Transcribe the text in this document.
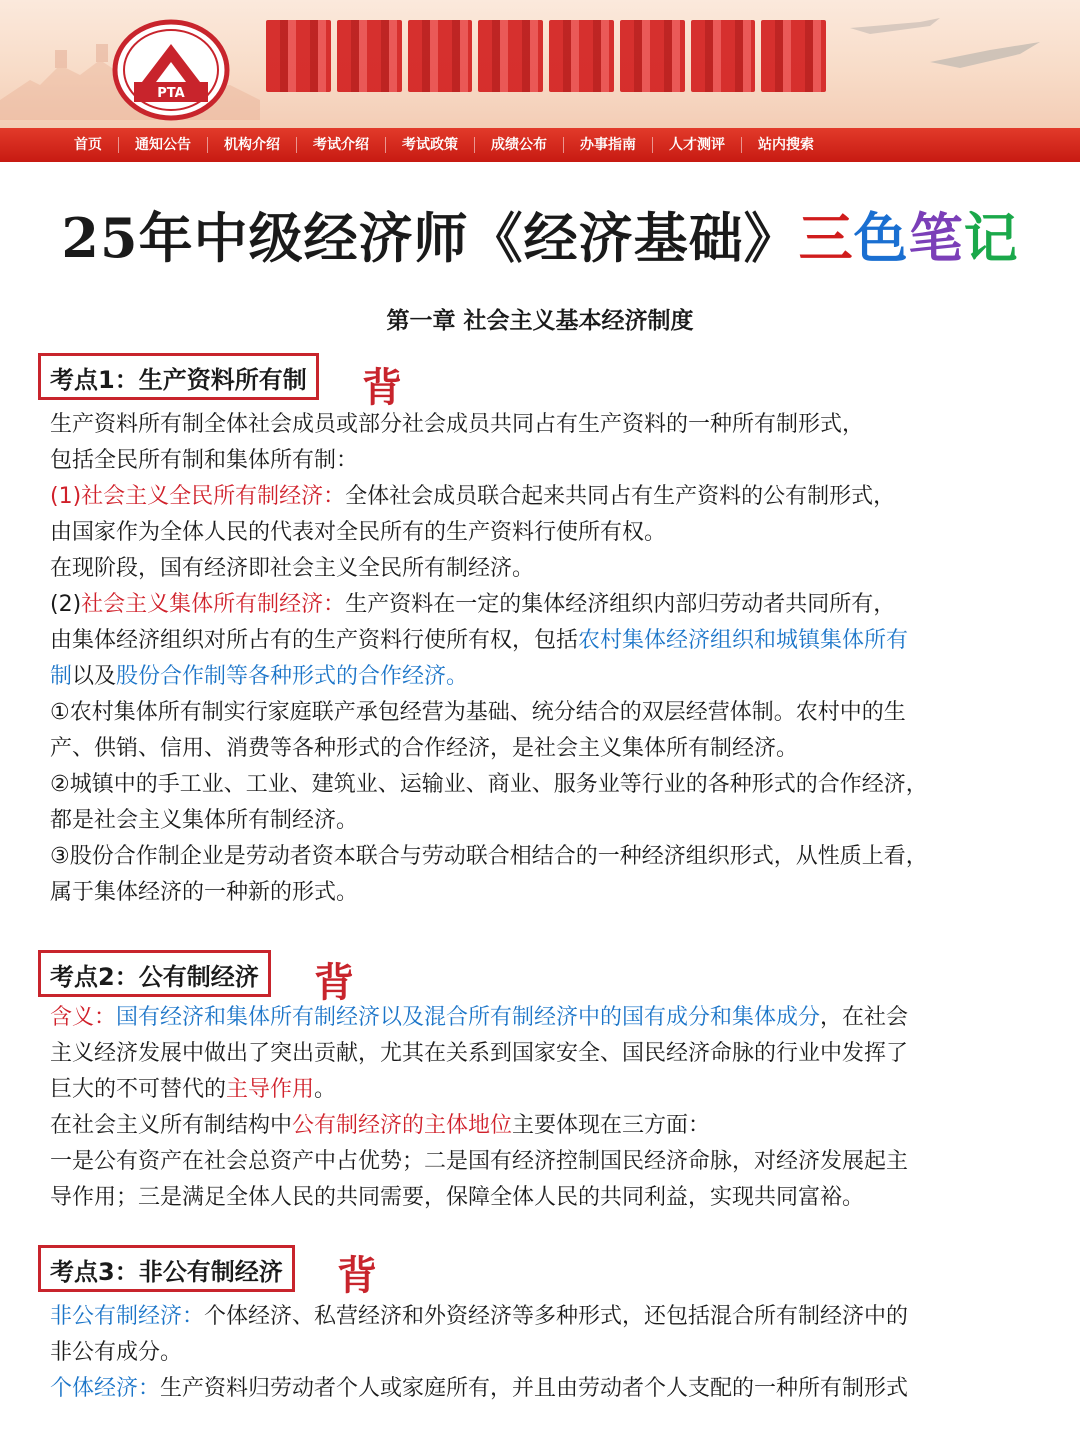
PTA
首页	通知公告	机构介绍	考试介绍	考试政策	成绩公布	办事指南	人才测评	站内搜索
25年中级经济师《经济基础》三色笔记
第一章 社会主义基本经济制度
考点1：生产资料所有制	背
生产资料所有制全体社会成员或部分社会成员共同占有生产资料的一种所有制形式，
包括全民所有制和集体所有制：
(1)社会主义全民所有制经济：全体社会成员联合起来共同占有生产资料的公有制形式，
由国家作为全体人民的代表对全民所有的生产资料行使所有权。
在现阶段，国有经济即社会主义全民所有制经济。
(2)社会主义集体所有制经济：生产资料在一定的集体经济组织内部归劳动者共同所有，
由集体经济组织对所占有的生产资料行使所有权，包括农村集体经济组织和城镇集体所有
制以及股份合作制等各种形式的合作经济。
①农村集体所有制实行家庭联产承包经营为基础、统分结合的双层经营体制。农村中的生
产、供销、信用、消费等各种形式的合作经济，是社会主义集体所有制经济。
②城镇中的手工业、工业、建筑业、运输业、商业、服务业等行业的各种形式的合作经济，
都是社会主义集体所有制经济。
③股份合作制企业是劳动者资本联合与劳动联合相结合的一种经济组织形式，从性质上看，
属于集体经济的一种新的形式。
考点2：公有制经济	背
含义：国有经济和集体所有制经济以及混合所有制经济中的国有成分和集体成分，在社会
主义经济发展中做出了突出贡献，尤其在关系到国家安全、国民经济命脉的行业中发挥了
巨大的不可替代的主导作用。
在社会主义所有制结构中公有制经济的主体地位主要体现在三方面：
一是公有资产在社会总资产中占优势；二是国有经济控制国民经济命脉，对经济发展起主
导作用；三是满足全体人民的共同需要，保障全体人民的共同利益，实现共同富裕。
考点3：非公有制经济	背
非公有制经济：个体经济、私营经济和外资经济等多种形式，还包括混合所有制经济中的
非公有成分。
个体经济：生产资料归劳动者个人或家庭所有，并且由劳动者个人支配的一种所有制形式
